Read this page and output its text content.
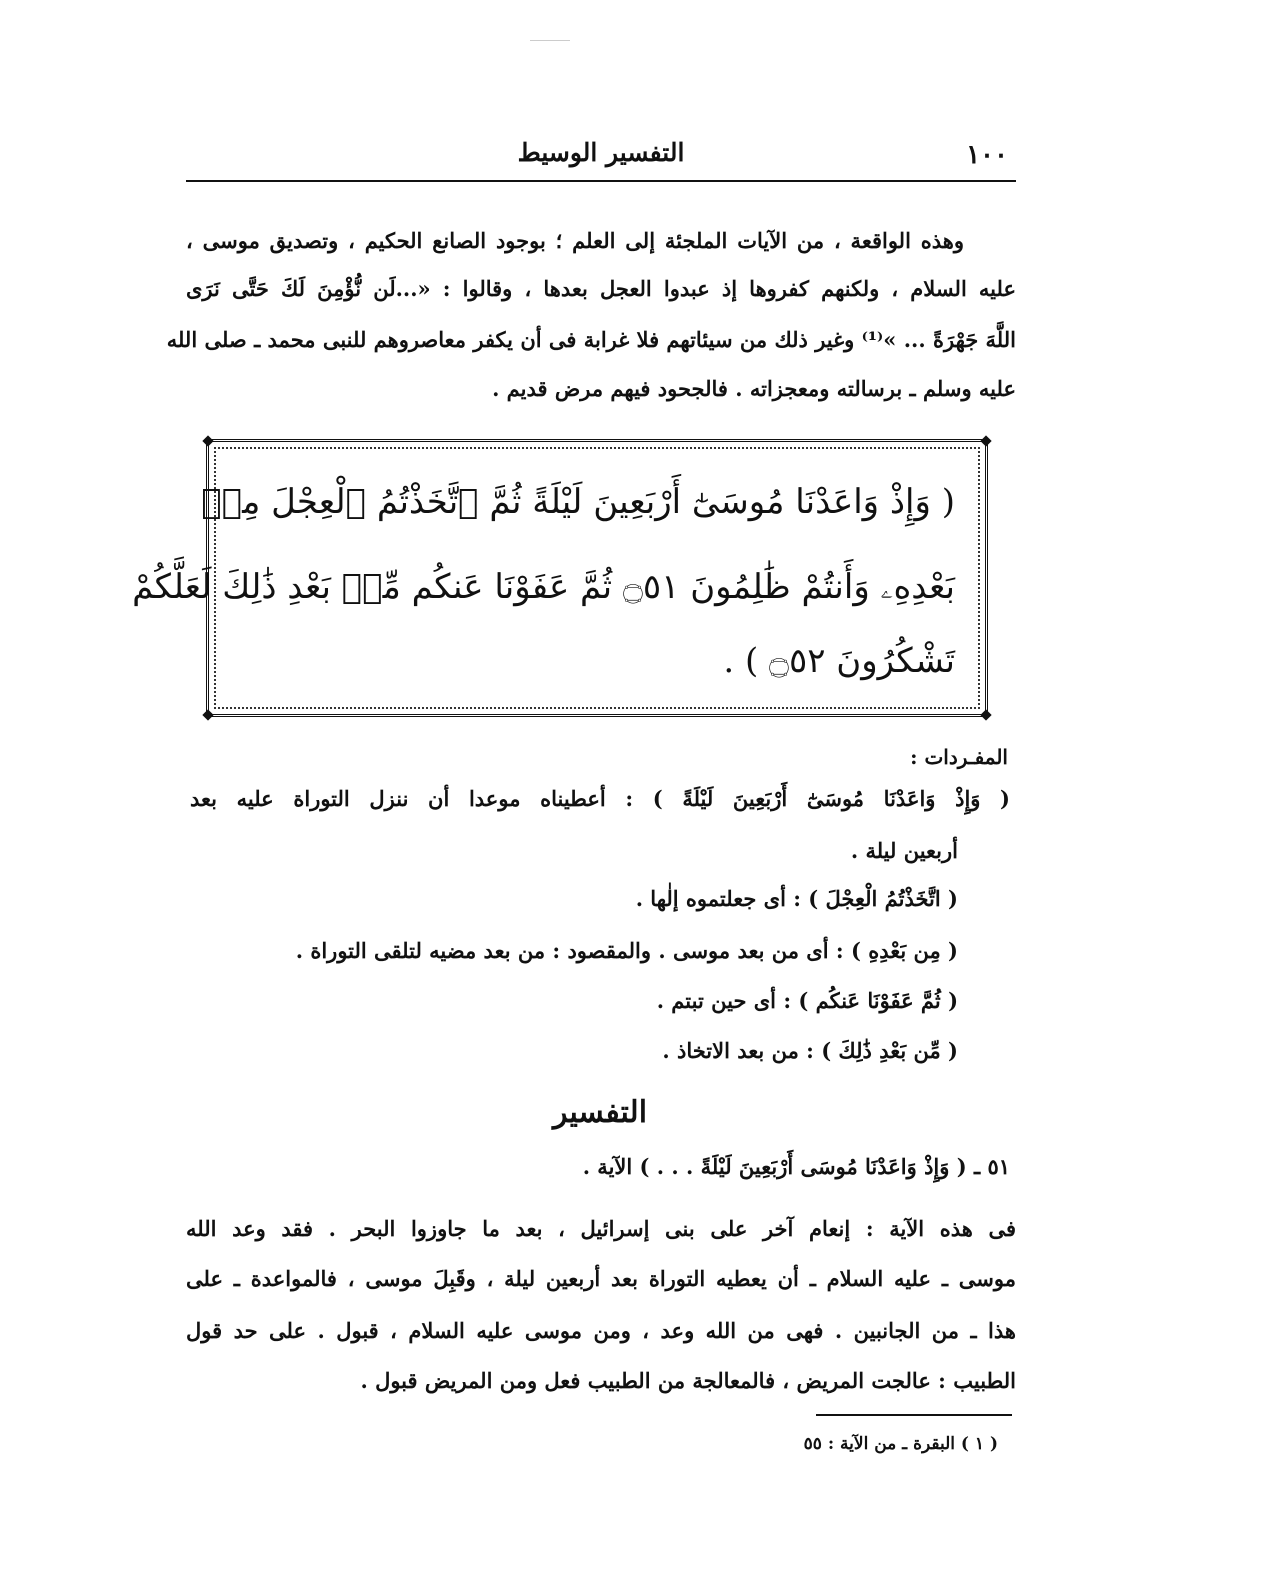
١٠٠
التفسير الوسيط
وهذه الواقعة ، من الآيات الملجئة إلى العلم ؛ بوجود الصانع الحكيم ، وتصديق موسى ،
عليه السلام ، ولكنهم كفروها إذ عبدوا العجل بعدها ، وقالوا : «...لَن نُّؤْمِنَ لَكَ حَتَّى نَرَى
اللَّهَ جَهْرَةً ... »⁽¹⁾ وغير ذلك من سيئاتهم فلا غرابة فى أن يكفر معاصروهم للنبى محمد ـ صلى الله
عليه وسلم ـ برسالته ومعجزاته . فالجحود فيهم مرض قديم .
( وَإِذْ وَاعَدْنَا مُوسَىٰٓ أَرْبَعِينَ لَيْلَةً ثُمَّ ٱتَّخَذْتُمُ ٱلْعِجْلَ مِنۢ
بَعْدِهِۦ وَأَنتُمْ ظَٰلِمُونَ ۝٥١ ثُمَّ عَفَوْنَا عَنكُم مِّنۢ بَعْدِ ذَٰلِكَ لَعَلَّكُمْ
تَشْكُرُونَ ۝٥٢ ) .
المفـردات :
( وَإِذْ وَاعَدْنَا مُوسَىٰٓ أَرْبَعِينَ لَيْلَةً ) : أعطيناه موعدا أن ننزل التوراة عليه بعد
أربعين ليلة .
( اتَّخَذْتُمُ الْعِجْلَ ) : أى جعلتموه إلٰها .
( مِن بَعْدِهِ ) : أى من بعد موسى . والمقصود : من بعد مضيه لتلقى التوراة .
( ثُمَّ عَفَوْنَا عَنكُم ) : أى حين تبتم .
( مِّن بَعْدِ ذَٰلِكَ ) : من بعد الاتخاذ .
التفسير
٥١ ـ ( وَإِذْ وَاعَدْنَا مُوسَى أَرْبَعِينَ لَيْلَةً . . . ) الآية .
فى هذه الآية : إنعام آخر على بنى إسرائيل ، بعد ما جاوزوا البحر . فقد وعد الله
موسى ـ عليه السلام ـ أن يعطيه التوراة بعد أربعين ليلة ، وقَبِلَ موسى ، فالمواعدة ـ على
هذا ـ من الجانبين . فهى من الله وعد ، ومن موسى عليه السلام ، قبول . على حد قول
الطبيب : عالجت المريض ، فالمعالجة من الطبيب فعل ومن المريض قبول .
( ١ ) البقرة ـ من الآية : ٥٥
